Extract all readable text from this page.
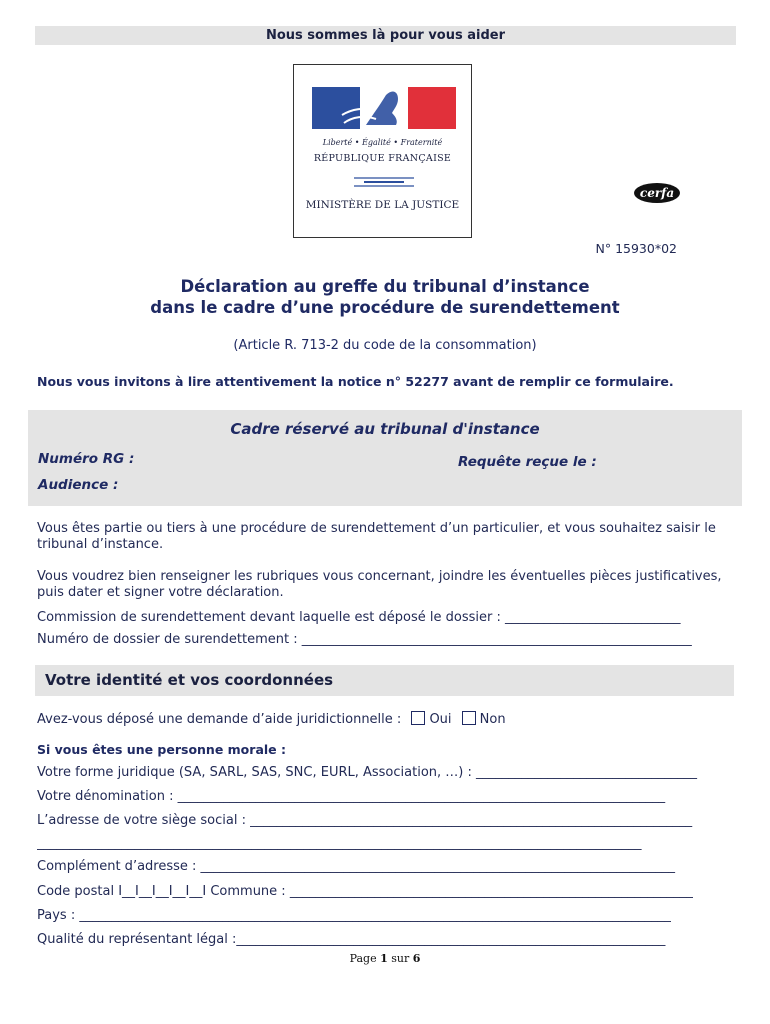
Nous sommes là pour vous aider
Liberté • Égalité • Fraternité
RÉPUBLIQUE FRANÇAISE
MINISTÈRE DE LA JUSTICE
cerfa
N° 15930*02
Déclaration au greffe du tribunal d’instance
dans le cadre d’une procédure de surendettement
(Article R. 713-2 du code de la consommation)
Nous vous invitons à lire attentivement la notice n° 52277 avant de remplir ce formulaire.
Cadre réservé au tribunal d'instance
Numéro RG :	Requête reçue le :
Audience :
Vous êtes partie ou tiers à une procédure de surendettement d’un particulier, et vous souhaitez saisir le tribunal d’instance.
Vous voudrez bien renseigner les rubriques vous concernant, joindre les éventuelles pièces justificatives, puis dater et signer votre déclaration.
Commission de surendettement devant laquelle est déposé le dossier : ___________________________
Numéro de dossier de surendettement : ____________________________________________________________
Votre identité et vos coordonnées
Avez-vous déposé une demande d’aide juridictionnelle : Oui Non
Si vous êtes une personne morale :
Votre forme juridique (SA, SARL, SAS, SNC, EURL, Association, …) : __________________________________
Votre dénomination : ___________________________________________________________________________
L’adresse de votre siège social : ____________________________________________________________________
_____________________________________________________________________________________________
Complément d’adresse : _________________________________________________________________________
Code postal I__I__I__I__I__I Commune : ______________________________________________________________
Pays : ___________________________________________________________________________________________
Qualité du représentant légal :__________________________________________________________________
Page 1 sur 6
